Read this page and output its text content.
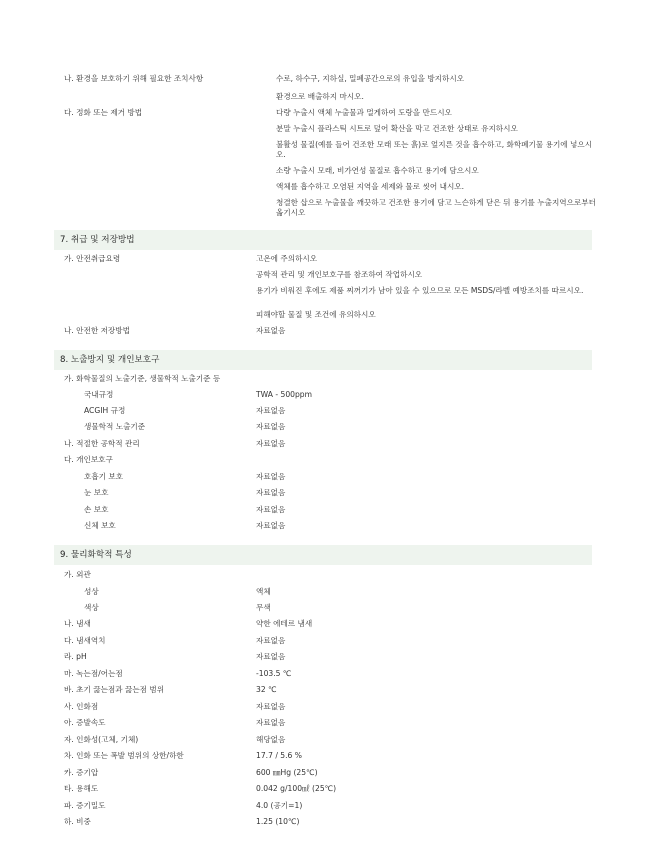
나. 환경을 보호하기 위해 필요한 조치사항	수로, 하수구, 지하실, 밀폐공간으로의 유입을 방지하시오
환경으로 배출하지 마시오.
다. 정화 또는 제거 방법	다량 누출시 액체 누출물과 멀게하여 도랑을 만드시오
분말 누출시 플라스틱 시트로 덮어 확산을 막고 건조한 상태로 유지하시오
불활성 물질(예를 들어 건조한 모래 또는 흙)로 엎지른 것을 흡수하고, 화학폐기물 용기에 넣으시오.
소량 누출시 모래, 비가연성 물질로 흡수하고 용기에 담으시오
액체를 흡수하고 오염된 지역을 세제와 물로 씻어 내시오.
청결한 삽으로 누출물을 깨끗하고 건조한 용기에 담고 느슨하게 닫은 뒤 용기를 누출지역으로부터 옮기시오
7. 취급 및 저장방법
가. 안전취급요령	고온에 주의하시오
공학적 관리 및 개인보호구를 참조하여 작업하시오
용기가 비워진 후에도 제품 찌꺼기가 남아 있을 수 있으므로 모든 MSDS/라벨 예방조치를 따르시오.
피해야할 물질 및 조건에 유의하시오
나. 안전한 저장방법	자료없음
8. 노출방지 및 개인보호구
가. 화학물질의 노출기준, 생물학적 노출기준 등
국내규정	TWA - 500ppm
ACGIH 규정	자료없음
생물학적 노출기준	자료없음
나. 적절한 공학적 관리	자료없음
다. 개인보호구
호흡기 보호	자료없음
눈 보호	자료없음
손 보호	자료없음
신체 보호	자료없음
9. 물리화학적 특성
가. 외관
성상	액체
색상	무색
나. 냄새	약한 에테르 냄새
다. 냄새역치	자료없음
라. pH	자료없음
마. 녹는점/어는점	-103.5 ℃
바. 초기 끓는점과 끓는점 범위	32 ℃
사. 인화점	자료없음
아. 증발속도	자료없음
자. 인화성(고체, 기체)	해당없음
차. 인화 또는 폭발 범위의 상한/하한	17.7 / 5.6 %
카. 증기압	600 ㎜Hg (25℃)
타. 용해도	0.042 g/100㎖ (25℃)
파. 증기밀도	4.0 (공기=1)
하. 비중	1.25 (10℃)
